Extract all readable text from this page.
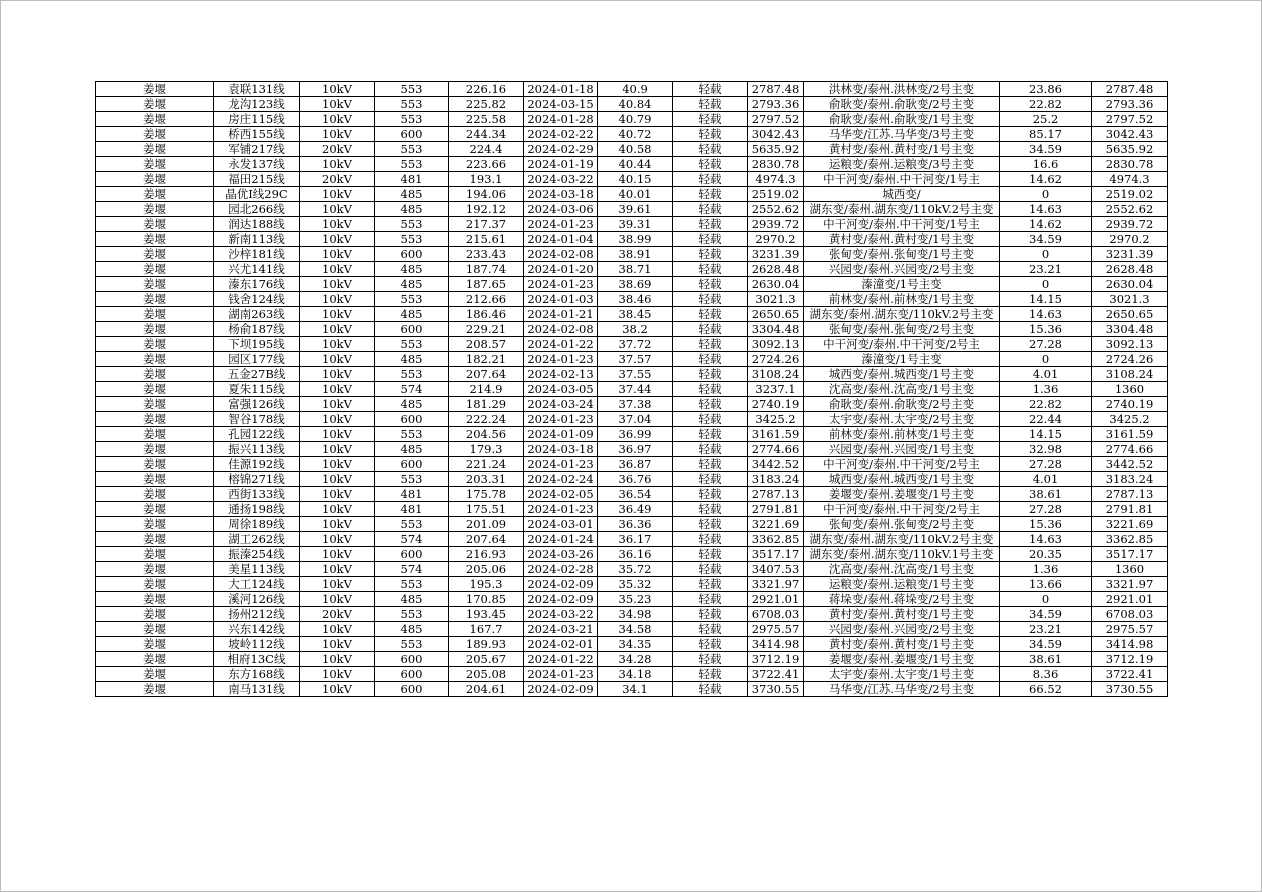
姜堰	袁联131线	10kV	553	226.16	2024-01-18	40.9	轻载	2787.48	洪林变/泰州.洪林变/2号主变	23.86	2787.48
姜堰	龙沟123线	10kV	553	225.82	2024-03-15	40.84	轻载	2793.36	俞耿变/泰州.俞耿变/2号主变	22.82	2793.36
姜堰	房庄115线	10kV	553	225.58	2024-01-28	40.79	轻载	2797.52	俞耿变/泰州.俞耿变/1号主变	25.2	2797.52
姜堰	桥西155线	10kV	600	244.34	2024-02-22	40.72	轻载	3042.43	马华变/江苏.马华变/3号主变	85.17	3042.43
姜堰	军铺217线	20kV	553	224.4	2024-02-29	40.58	轻载	5635.92	黄村变/泰州.黄村变/1号主变	34.59	5635.92
姜堰	永发137线	10kV	553	223.66	2024-01-19	40.44	轻载	2830.78	运粮变/泰州.运粮变/3号主变	16.6	2830.78
姜堰	福田215线	20kV	481	193.1	2024-03-22	40.15	轻载	4974.3	中干河变/泰州.中干河变/1号主	14.62	4974.3
姜堰	晶优Ⅰ线29C	10kV	485	194.06	2024-03-18	40.01	轻载	2519.02	城西变/	0	2519.02
姜堰	园北266线	10kV	485	192.12	2024-03-06	39.61	轻载	2552.62	湖东变/泰州.湖东变/110kV.2号主变	14.63	2552.62
姜堰	润达188线	10kV	553	217.37	2024-01-23	39.31	轻载	2939.72	中干河变/泰州.中干河变/1号主	14.62	2939.72
姜堰	新南113线	10kV	553	215.61	2024-01-04	38.99	轻载	2970.2	黄村变/泰州.黄村变/1号主变	34.59	2970.2
姜堰	沙梓181线	10kV	600	233.43	2024-02-08	38.91	轻载	3231.39	张甸变/泰州.张甸变/1号主变	0	3231.39
姜堰	兴尤141线	10kV	485	187.74	2024-01-20	38.71	轻载	2628.48	兴园变/泰州.兴园变/2号主变	23.21	2628.48
姜堰	溱东176线	10kV	485	187.65	2024-01-23	38.69	轻载	2630.04	溱潼变/1号主变	0	2630.04
姜堰	钱舍124线	10kV	553	212.66	2024-01-03	38.46	轻载	3021.3	前林变/泰州.前林变/1号主变	14.15	3021.3
姜堰	湖南263线	10kV	485	186.46	2024-01-21	38.45	轻载	2650.65	湖东变/泰州.湖东变/110kV.2号主变	14.63	2650.65
姜堰	杨俞187线	10kV	600	229.21	2024-02-08	38.2	轻载	3304.48	张甸变/泰州.张甸变/2号主变	15.36	3304.48
姜堰	下坝195线	10kV	553	208.57	2024-01-22	37.72	轻载	3092.13	中干河变/泰州.中干河变/2号主	27.28	3092.13
姜堰	园区177线	10kV	485	182.21	2024-01-23	37.57	轻载	2724.26	溱潼变/1号主变	0	2724.26
姜堰	五金27B线	10kV	553	207.64	2024-02-13	37.55	轻载	3108.24	城西变/泰州.城西变/1号主变	4.01	3108.24
姜堰	夏朱115线	10kV	574	214.9	2024-03-05	37.44	轻载	3237.1	沈高变/泰州.沈高变/1号主变	1.36	1360
姜堰	富强126线	10kV	485	181.29	2024-03-24	37.38	轻载	2740.19	俞耿变/泰州.俞耿变/2号主变	22.82	2740.19
姜堰	智谷178线	10kV	600	222.24	2024-01-23	37.04	轻载	3425.2	太宇变/泰州.太宇变/2号主变	22.44	3425.2
姜堰	孔园122线	10kV	553	204.56	2024-01-09	36.99	轻载	3161.59	前林变/泰州.前林变/1号主变	14.15	3161.59
姜堰	振兴113线	10kV	485	179.3	2024-03-18	36.97	轻载	2774.66	兴园变/泰州.兴园变/1号主变	32.98	2774.66
姜堰	佳源192线	10kV	600	221.24	2024-01-23	36.87	轻载	3442.52	中干河变/泰州.中干河变/2号主	27.28	3442.52
姜堰	榕锦271线	10kV	553	203.31	2024-02-24	36.76	轻载	3183.24	城西变/泰州.城西变/1号主变	4.01	3183.24
姜堰	西街133线	10kV	481	175.78	2024-02-05	36.54	轻载	2787.13	姜堰变/泰州.姜堰变/1号主变	38.61	2787.13
姜堰	通扬198线	10kV	481	175.51	2024-01-23	36.49	轻载	2791.81	中干河变/泰州.中干河变/2号主	27.28	2791.81
姜堰	周徐189线	10kV	553	201.09	2024-03-01	36.36	轻载	3221.69	张甸变/泰州.张甸变/2号主变	15.36	3221.69
姜堰	湖工262线	10kV	574	207.64	2024-01-24	36.17	轻载	3362.85	湖东变/泰州.湖东变/110kV.2号主变	14.63	3362.85
姜堰	振溱254线	10kV	600	216.93	2024-03-26	36.16	轻载	3517.17	湖东变/泰州.湖东变/110kV.1号主变	20.35	3517.17
姜堰	美星113线	10kV	574	205.06	2024-02-28	35.72	轻载	3407.53	沈高变/泰州.沈高变/1号主变	1.36	1360
姜堰	大工124线	10kV	553	195.3	2024-02-09	35.32	轻载	3321.97	运粮变/泰州.运粮变/1号主变	13.66	3321.97
姜堰	溪河126线	10kV	485	170.85	2024-02-09	35.23	轻载	2921.01	蒋垛变/泰州.蒋垛变/2号主变	0	2921.01
姜堰	扬州212线	20kV	553	193.45	2024-03-22	34.98	轻载	6708.03	黄村变/泰州.黄村变/1号主变	34.59	6708.03
姜堰	兴东142线	10kV	485	167.7	2024-03-21	34.58	轻载	2975.57	兴园变/泰州.兴园变/2号主变	23.21	2975.57
姜堰	坡岭112线	10kV	553	189.93	2024-02-01	34.35	轻载	3414.98	黄村变/泰州.黄村变/1号主变	34.59	3414.98
姜堰	相府13C线	10kV	600	205.67	2024-01-22	34.28	轻载	3712.19	姜堰变/泰州.姜堰变/1号主变	38.61	3712.19
姜堰	东方168线	10kV	600	205.08	2024-01-23	34.18	轻载	3722.41	太宇变/泰州.太宇变/1号主变	8.36	3722.41
姜堰	南马131线	10kV	600	204.61	2024-02-09	34.1	轻载	3730.55	马华变/江苏.马华变/2号主变	66.52	3730.55
